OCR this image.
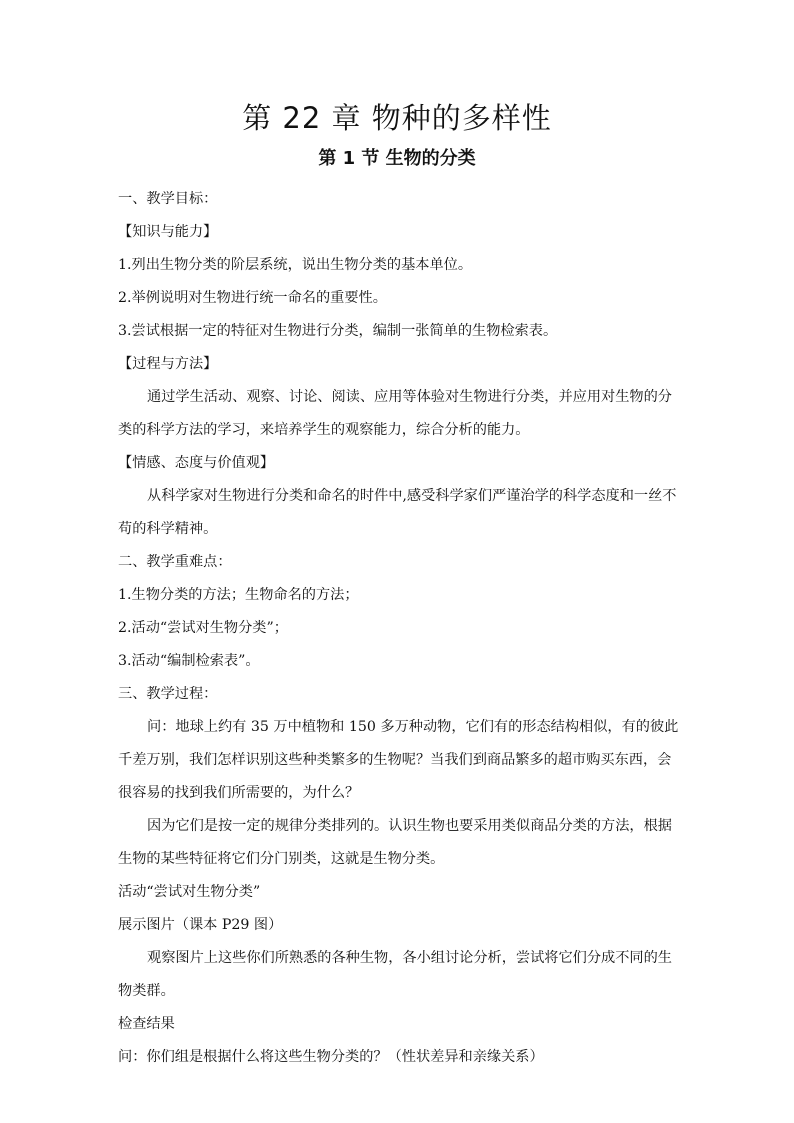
第 22 章 物种的多样性
第 1 节 生物的分类

一、教学目标：

【知识与能力】

1.列出生物分类的阶层系统，说出生物分类的基本单位。

2.举例说明对生物进行统一命名的重要性。

3.尝试根据一定的特征对生物进行分类，编制一张简单的生物检索表。

【过程与方法】

通过学生活动、观察、讨论、阅读、应用等体验对生物进行分类，并应用对生物的分类的科学方法的学习，来培养学生的观察能力，综合分析的能力。

【情感、态度与价值观】

从科学家对生物进行分类和命名的时件中,感受科学家们严谨治学的科学态度和一丝不苟的科学精神。

二、教学重难点：

1.生物分类的方法；生物命名的方法；

2.活动“尝试对生物分类”；

3.活动“编制检索表”。

三、教学过程：

问：地球上约有 35 万中植物和 150 多万种动物，它们有的形态结构相似，有的彼此千差万别，我们怎样识别这些种类繁多的生物呢？当我们到商品繁多的超市购买东西，会很容易的找到我们所需要的，为什么？

因为它们是按一定的规律分类排列的。认识生物也要采用类似商品分类的方法，根据生物的某些特征将它们分门别类，这就是生物分类。

活动“尝试对生物分类”

展示图片（课本 P29 图）

观察图片上这些你们所熟悉的各种生物，各小组讨论分析，尝试将它们分成不同的生物类群。

检查结果

问：你们组是根据什么将这些生物分类的？（性状差异和亲缘关系）
